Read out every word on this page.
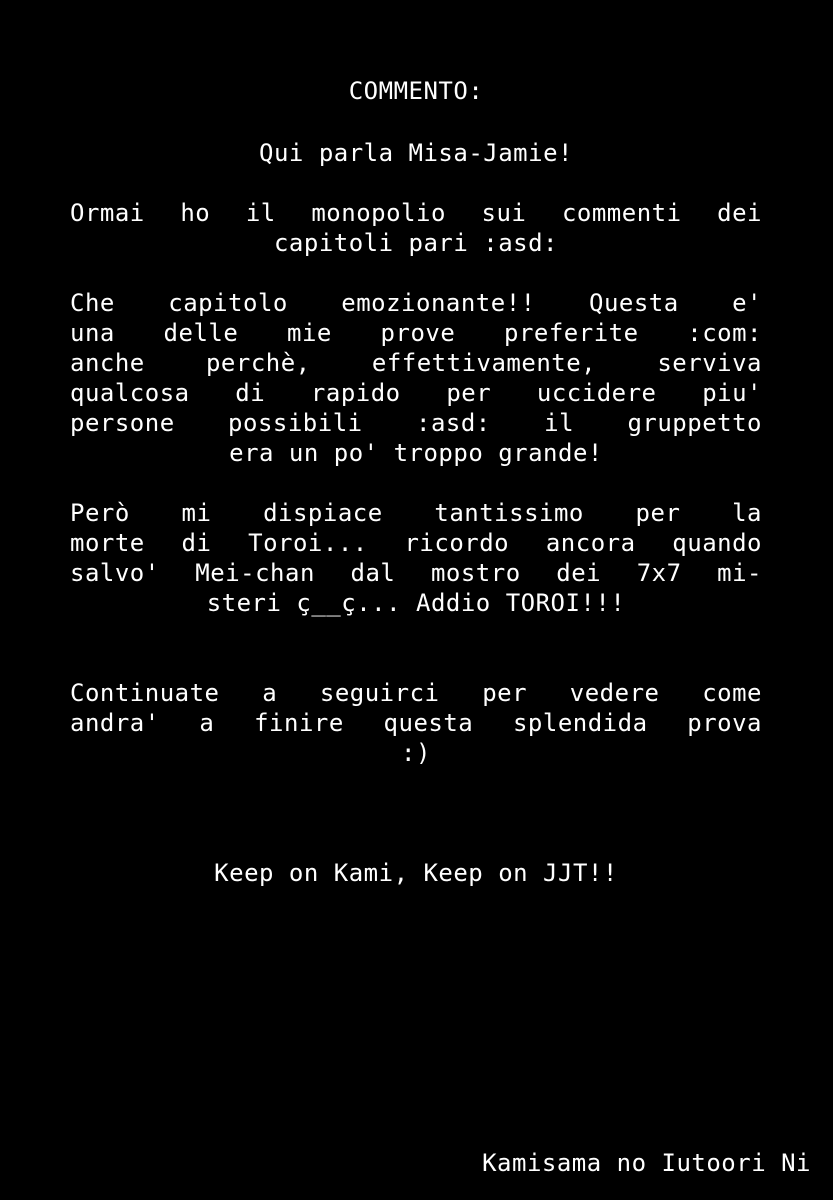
COMMENTO:
Qui parla Misa-Jamie!
Ormai ho il monopolio sui commenti dei
capitoli pari :asd:
Che capitolo emozionante!! Questa e'
una delle mie prove preferite :com:
anche perchè, effettivamente, serviva
qualcosa di rapido per uccidere piu'
persone possibili :asd: il gruppetto
era un po' troppo grande!
Però mi dispiace tantissimo per la
morte di Toroi... ricordo ancora quando
salvo' Mei-chan dal mostro dei 7x7 mi-
steri ç__ç... Addio TOROI!!!
Continuate a seguirci per vedere come
andra' a finire questa splendida prova
:)
Keep on Kami, Keep on JJT!!
Kamisama no Iutoori Ni
